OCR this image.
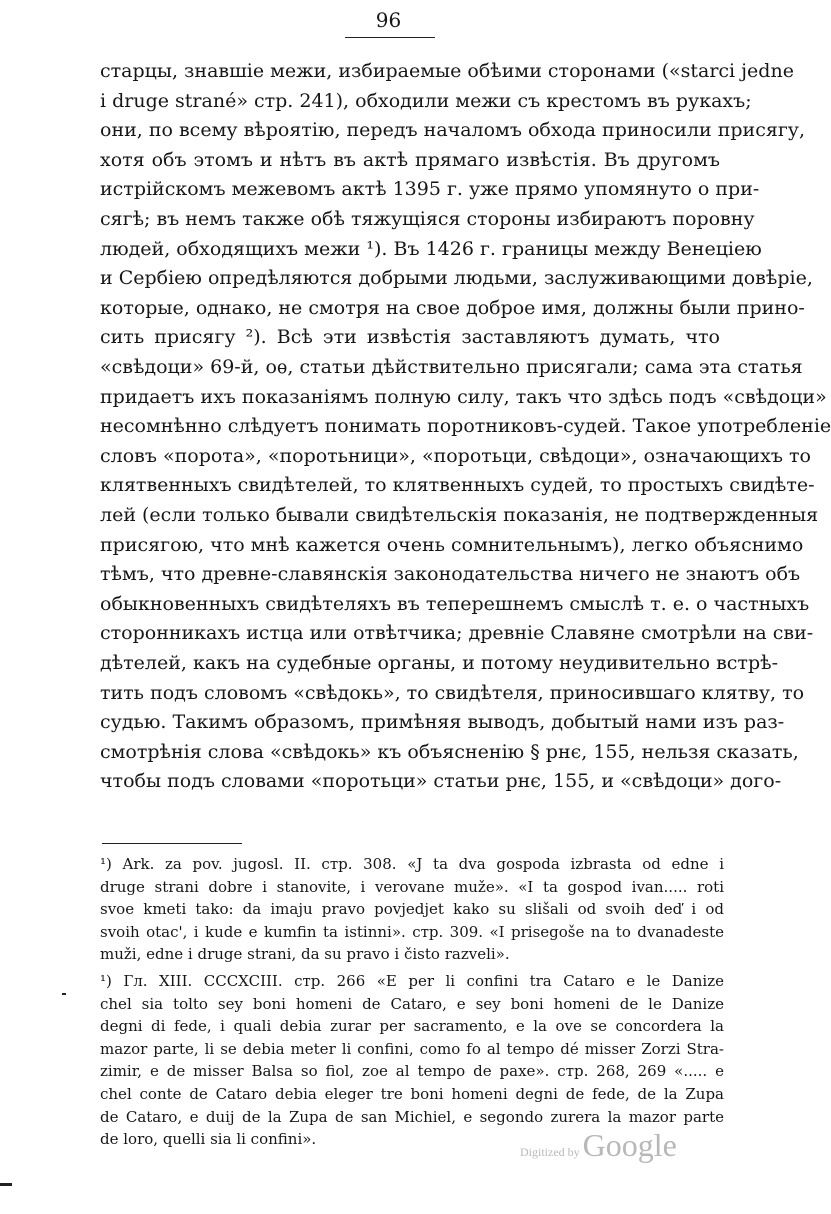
96
старцы, знавшіе межи, избираемые обѣими сторонами («starci jedne
i druge strané» стр. 241), обходили межи съ крестомъ въ рукахъ;
они, по всему вѣроятію, передъ началомъ обхода приносили присягу,
хотя объ этомъ и нѣтъ въ актѣ прямаго извѣстія. Въ другомъ
истрійскомъ межевомъ актѣ 1395 г. уже прямо упомянуто о при-
сягѣ; въ немъ также обѣ тяжущіяся стороны избираютъ поровну
людей, обходящихъ межи ¹). Въ 1426 г. границы между Венеціею
и Сербіею опредѣляются добрыми людьми, заслуживающими довѣріе,
которые, однако, не смотря на свое доброе имя, должны были прино-
сить присягу ²). Всѣ эти извѣстія заставляютъ думать, что
«свѣдоци» 69-й, оѳ, статьи дѣйствительно присягали; сама эта статья
придаетъ ихъ показаніямъ полную силу, такъ что здѣсь подъ «свѣдоци»
несомнѣнно слѣдуетъ понимать поротниковъ-судей. Такое употребленіе
словъ «порота», «поротьници», «поротьци, свѣдоци», означающихъ то
клятвенныхъ свидѣтелей, то клятвенныхъ судей, то простыхъ свидѣте-
лей (если только бывали свидѣтельскія показанія, не подтвержденныя
присягою, что мнѣ кажется очень сомнительнымъ), легко объяснимо
тѣмъ, что древне-славянскія законодательства ничего не знаютъ объ
обыкновенныхъ свидѣтеляхъ въ теперешнемъ смыслѣ т. е. о частныхъ
сторонникахъ истца или отвѣтчика; древніе Славяне смотрѣли на сви-
дѣтелей, какъ на судебные органы, и потому неудивительно встрѣ-
тить подъ словомъ «свѣдокь», то свидѣтеля, приносившаго клятву, то
судью. Такимъ образомъ, примѣняя выводъ, добытый нами изъ раз-
смотрѣнія слова «свѣдокь» къ объясненію § рнє, 155, нельзя сказать,
чтобы подъ словами «поротьци» статьи рнє, 155, и «свѣдоци» дого-
¹) Ark. za pov. jugosl. II. стр. 308. «J ta dva gospoda izbrasta od edne i
druge strani dobre i stanovite, i verovane muže». «I ta gospod ivan..... roti
svoe kmeti tako: da imaju pravo povjedjet kako su slišali od svoih deď i od
svoih otac', i kude e kumfin ta istinni». стр. 309. «I prisegoše na to dvanadeste
muži, edne i druge strani, da su pravo i čisto razveli».
¹) Гл. XIII. CCCXCIII. стр. 266 «E per li confini tra Cataro e le Danize
chel sia tolto sey boni homeni de Cataro, e sey boni homeni de le Danize
degni di fede, i quali debia zurar per sacramento, e la ove se concordera la
mazor parte, li se debia meter li confini, como fo al tempo dé misser Zorzi Stra-
zimir, e de misser Balsa so fiol, zoe al tempo de paxe». стр. 268, 269 «..... e
chel conte de Cataro debia eleger tre boni homeni degni de fede, de la Zupa
de Cataro, e duij de la Zupa de san Michiel, e segondo zurera la mazor parte
de loro, quelli sia li confini».
Digitized by Google
